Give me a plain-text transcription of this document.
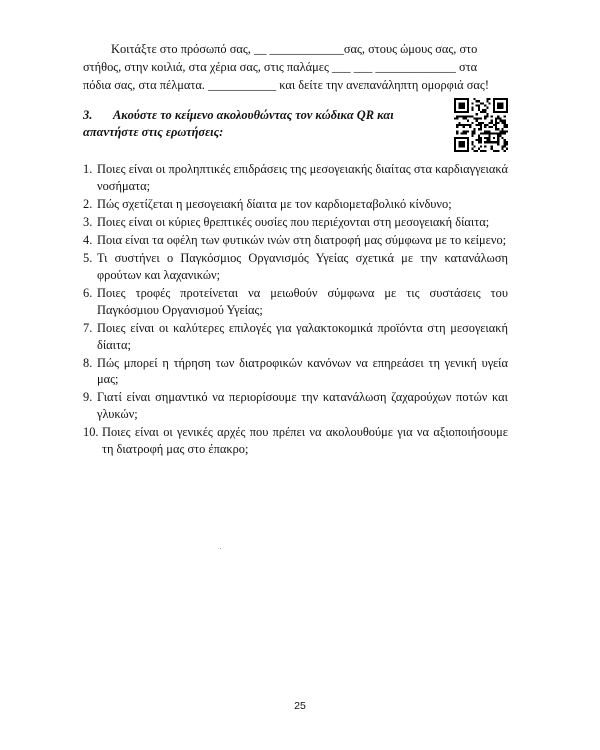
Κοιτάξτε στο πρόσωπό σας, __ ____________σας, στους ώμους σας, στο

στήθος, στην κοιλιά, στα χέρια σας, στις παλάμες ___ ___ _____________ στα

πόδια σας, στα πέλματα. ___________ και δείτε την ανεπανάληπτη ομορφιά σας!

3. Ακούστε το κείμενο ακολουθώντας τον κώδικα QR και
απαντήστε στις ερωτήσεις:
1. Ποιες είναι οι προληπτικές επιδράσεις της μεσογειακής διαίτας στα καρδιαγγειακά νοσήματα;
2. Πώς σχετίζεται η μεσογειακή δίαιτα με τον καρδιομεταβολικό κίνδυνο;
3. Ποιες είναι οι κύριες θρεπτικές ουσίες που περιέχονται στη μεσογειακή δίαιτα;
4. Ποια είναι τα οφέλη των φυτικών ινών στη διατροφή μας σύμφωνα με το κείμενο;
5. Τι συστήνει ο Παγκόσμιος Οργανισμός Υγείας σχετικά με την κατανάλωση φρούτων και λαχανικών;
6. Ποιες τροφές προτείνεται να μειωθούν σύμφωνα με τις συστάσεις του Παγκόσμιου Οργανισμού Υγείας;
7. Ποιες είναι οι καλύτερες επιλογές για γαλακτοκομικά προϊόντα στη μεσογειακή δίαιτα;
8. Πώς μπορεί η τήρηση των διατροφικών κανόνων να επηρεάσει τη γενική υγεία μας;
9. Γιατί είναι σημαντικό να περιορίσουμε την κατανάλωση ζαχαρούχων ποτών και γλυκών;
10. Ποιες είναι οι γενικές αρχές που πρέπει να ακολουθούμε για να αξιοποιήσουμε τη διατροφή μας στο έπακρο;
25
